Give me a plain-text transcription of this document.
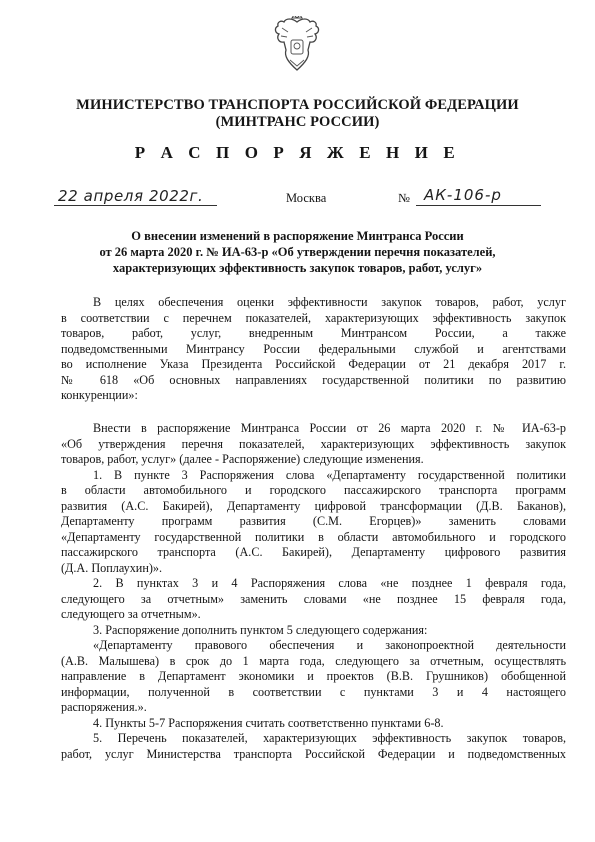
МИНИСТЕРСТВО ТРАНСПОРТА РОССИЙСКОЙ ФЕДЕРАЦИИ
(МИНТРАНС РОССИИ)
Р А С П О Р Я Ж Е Н И Е
22 апреля 2022г.	Москва	№ АК-106-р
О внесении изменений в распоряжение Минтранса России
от 26 марта 2020 г. № ИА-63-р «Об утверждении перечня показателей,
характеризующих эффективность закупок товаров, работ, услуг»
В целях обеспечения оценки эффективности закупок товаров, работ, услуг
в соответствии с перечнем показателей, характеризующих эффективность закупок
товаров, работ, услуг, внедренным Минтрансом России, а также
подведомственными Минтрансу России федеральными службой и агентствами
во исполнение Указа Президента Российской Федерации от 21 декабря 2017 г.
№ 618 «Об основных направлениях государственной политики по развитию
конкуренции»:
Внести в распоряжение Минтранса России от 26 марта 2020 г. № ИА-63-р
«Об утверждения перечня показателей, характеризующих эффективность закупок
товаров, работ, услуг» (далее - Распоряжение) следующие изменения.
1. В пункте 3 Распоряжения слова «Департаменту государственной политики
в области автомобильного и городского пассажирского транспорта программ
развития (А.С. Бакирей), Департаменту цифровой трансформации (Д.В. Баканов),
Департаменту программ развития (С.М. Егорцев)» заменить словами
«Департаменту государственной политики в области автомобильного и городского
пассажирского транспорта (А.С. Бакирей), Департаменту цифрового развития
(Д.А. Поплаухин)».
2. В пунктах 3 и 4 Распоряжения слова «не позднее 1 февраля года,
следующего за отчетным» заменить словами «не позднее 15 февраля года,
следующего за отчетным».
3. Распоряжение дополнить пунктом 5 следующего содержания:
«Департаменту правового обеспечения и законопроектной деятельности
(А.В. Малышева) в срок до 1 марта года, следующего за отчетным, осуществлять
направление в Департамент экономики и проектов (В.В. Грушников) обобщенной
информации, полученной в соответствии с пунктами 3 и 4 настоящего
распоряжения.».
4. Пункты 5-7 Распоряжения считать соответственно пунктами 6-8.
5. Перечень показателей, характеризующих эффективность закупок товаров,
работ, услуг Министерства транспорта Российской Федерации и подведомственных
